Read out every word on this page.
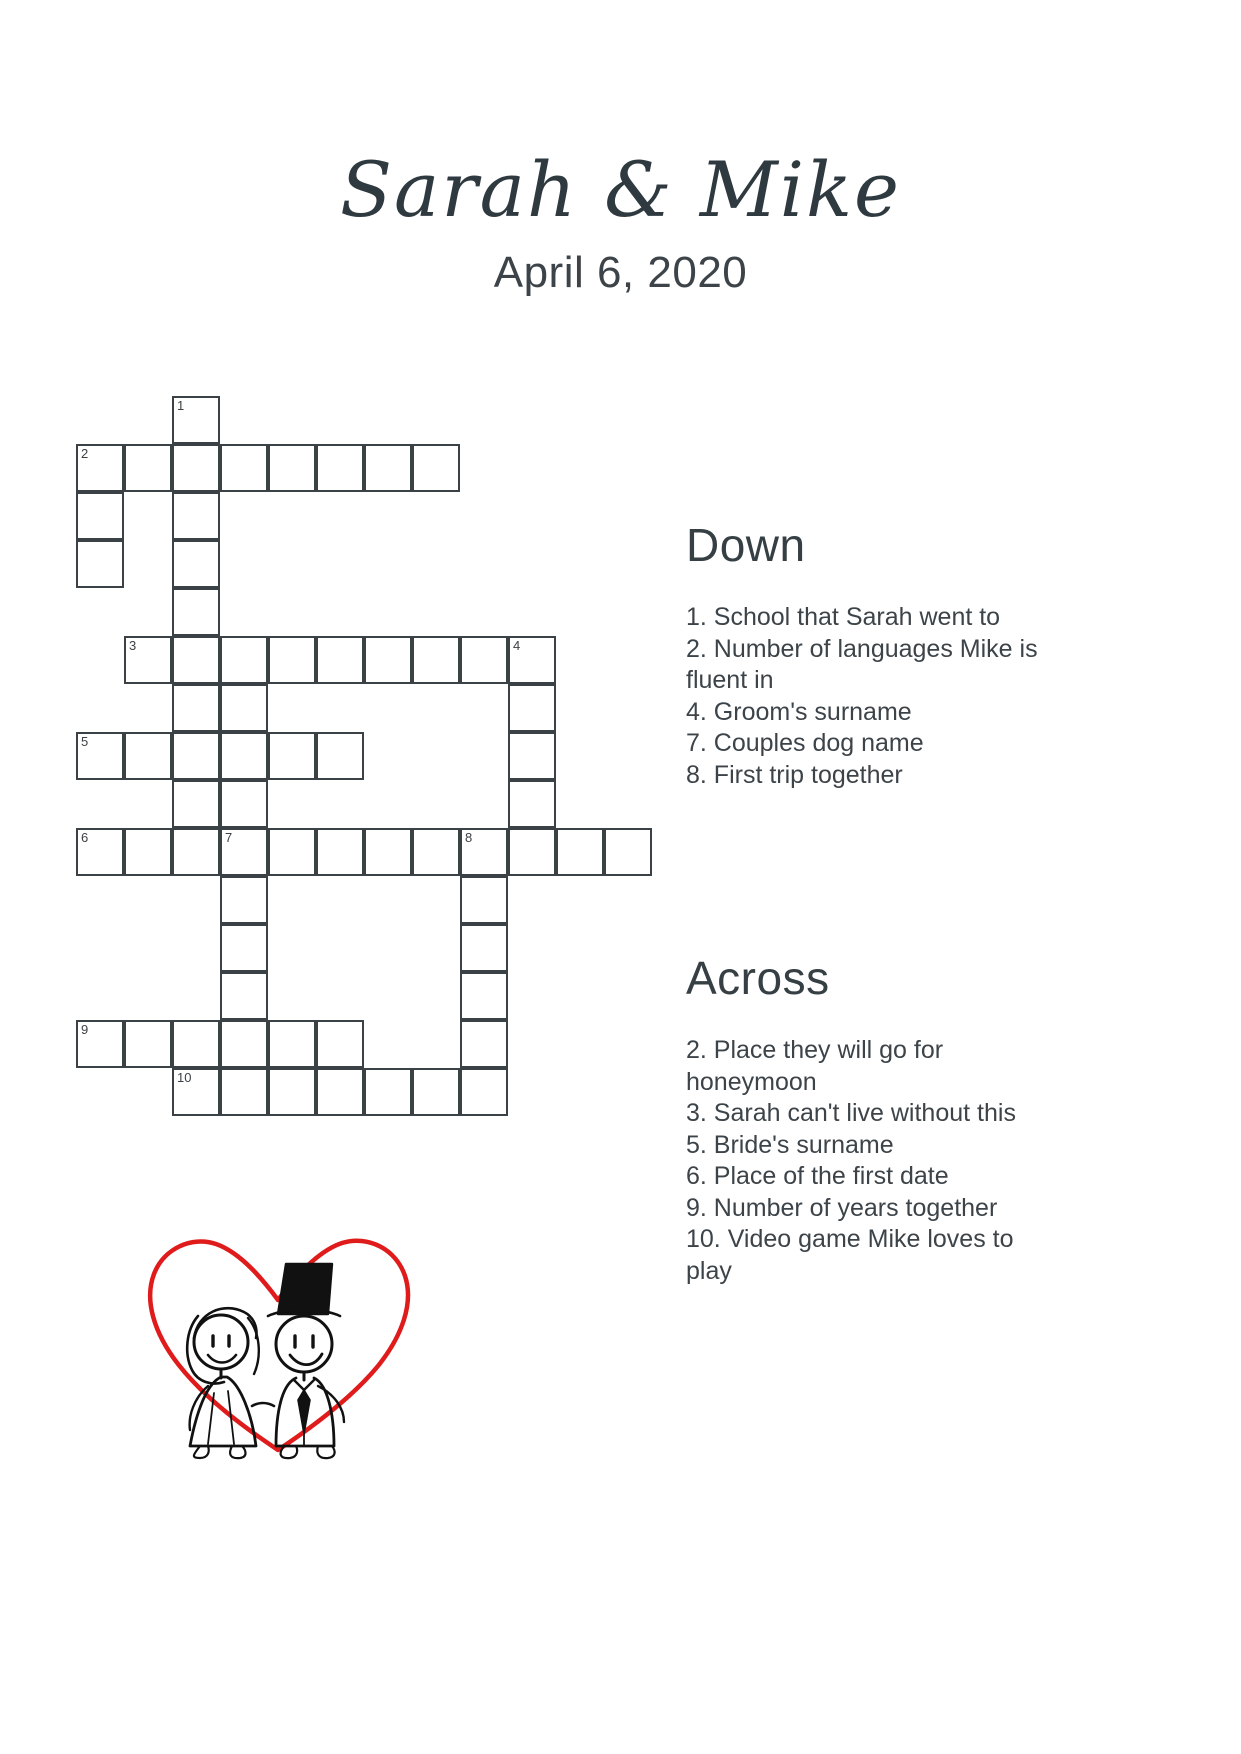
Sarah & Mike
April 6, 2020
1
2
3	4
5
6	7	8
9
10
Down
1. School that Sarah went to
2. Number of languages Mike is fluent in
4. Groom's surname
7. Couples dog name
8. First trip together
Across
2. Place they will go for honeymoon
3. Sarah can't live without this
5. Bride's surname
6. Place of the first date
9. Number of years together
10. Video game Mike loves to play
